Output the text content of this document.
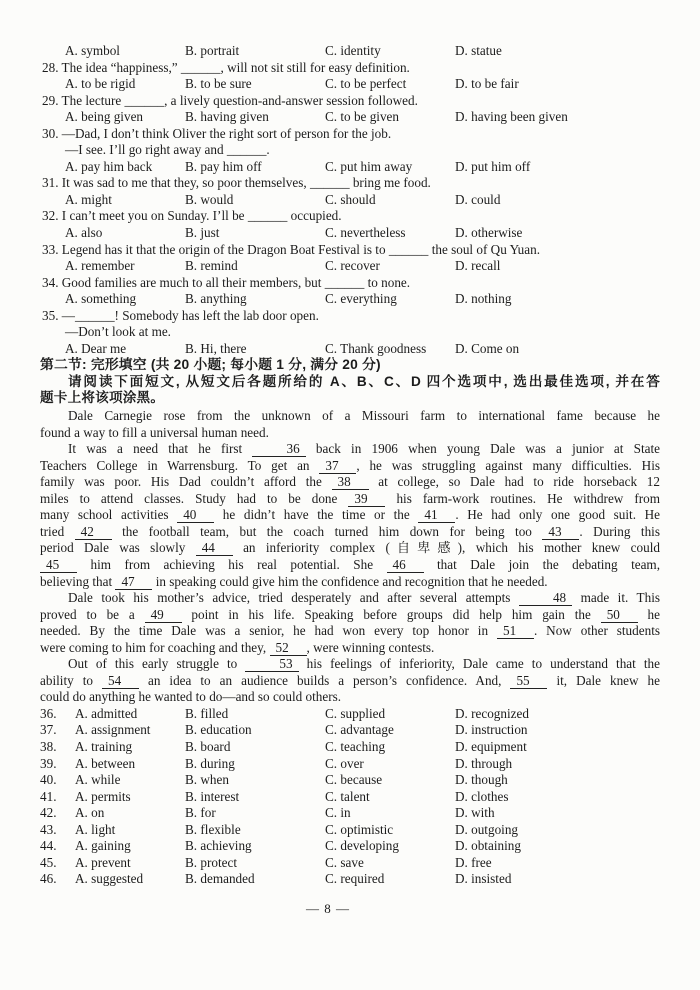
A. symbol	B. portrait	C. identity	D. statue
28. The idea “happiness,” ______, will not sit still for easy definition.
A. to be rigid	B. to be sure	C. to be perfect	D. to be fair
29. The lecture ______, a lively question-and-answer session followed.
A. being given	B. having given	C. to be given	D. having been given
30. —Dad, I don’t think Oliver the right sort of person for the job.
—I see. I’ll go right away and ______.
A. pay him back	B. pay him off	C. put him away	D. put him off
31. It was sad to me that they, so poor themselves, ______ bring me food.
A. might	B. would	C. should	D. could
32. I can’t meet you on Sunday. I’ll be ______ occupied.
A. also	B. just	C. nevertheless	D. otherwise
33. Legend has it that the origin of the Dragon Boat Festival is to ______ the soul of Qu Yuan.
A. remember	B. remind	C. recover	D. recall
34. Good families are much to all their members, but ______ to none.
A. something	B. anything	C. everything	D. nothing
35. —______! Somebody has left the lab door open.
—Don’t look at me.
A. Dear me	B. Hi, there	C. Thank goodness	D. Come on
第二节: 完形填空 (共 20 小题; 每小题 1 分, 满分 20 分)
请阅读下面短文, 从短文后各题所给的 A、B、C、D 四个选项中, 选出最佳选项, 并在答
题卡上将该项涂黑。
Dale Carnegie rose from the unknown of a Missouri farm to international fame because he
found a way to fill a universal human need.
It was a need that he first	36 back in 1906 when young Dale was a junior at State
Teachers College in Warrensburg. To get an 37 , he was struggling against many difficulties. His
family was poor. His Dad couldn’t afford the 38 at college, so Dale had to ride horseback 12
miles to attend classes. Study had to be done 39 his farm-work routines. He withdrew from
many school activities 40 he didn’t have the time or the 41 . He had only one good suit. He
tried 42 the football team, but the coach turned him down for being too 43 . During this
period Dale was slowly 44 an inferiority complex (自卑感), which his mother knew could
45 him from achieving his real potential. She 46 that Dale join the debating team,
believing that 47 in speaking could give him the confidence and recognition that he needed.
Dale took his mother’s advice, tried desperately and after several attempts	48 made it. This
proved to be a 49 point in his life. Speaking before groups did help him gain the 50 he
needed. By the time Dale was a senior, he had won every top honor in 51 . Now other students
were coming to him for coaching and they, 52 , were winning contests.
Out of this early struggle to	53 his feelings of inferiority, Dale came to understand that the
ability to 54 an idea to an audience builds a person’s confidence. And, 55 it, Dale knew he
could do anything he wanted to do—and so could others.
36.	A. admitted	B. filled	C. supplied	D. recognized
37.	A. assignment	B. education	C. advantage	D. instruction
38.	A. training	B. board	C. teaching	D. equipment
39.	A. between	B. during	C. over	D. through
40.	A. while	B. when	C. because	D. though
41.	A. permits	B. interest	C. talent	D. clothes
42.	A. on	B. for	C. in	D. with
43.	A. light	B. flexible	C. optimistic	D. outgoing
44.	A. gaining	B. achieving	C. developing	D. obtaining
45.	A. prevent	B. protect	C. save	D. free
46.	A. suggested	B. demanded	C. required	D. insisted
— 8 —
